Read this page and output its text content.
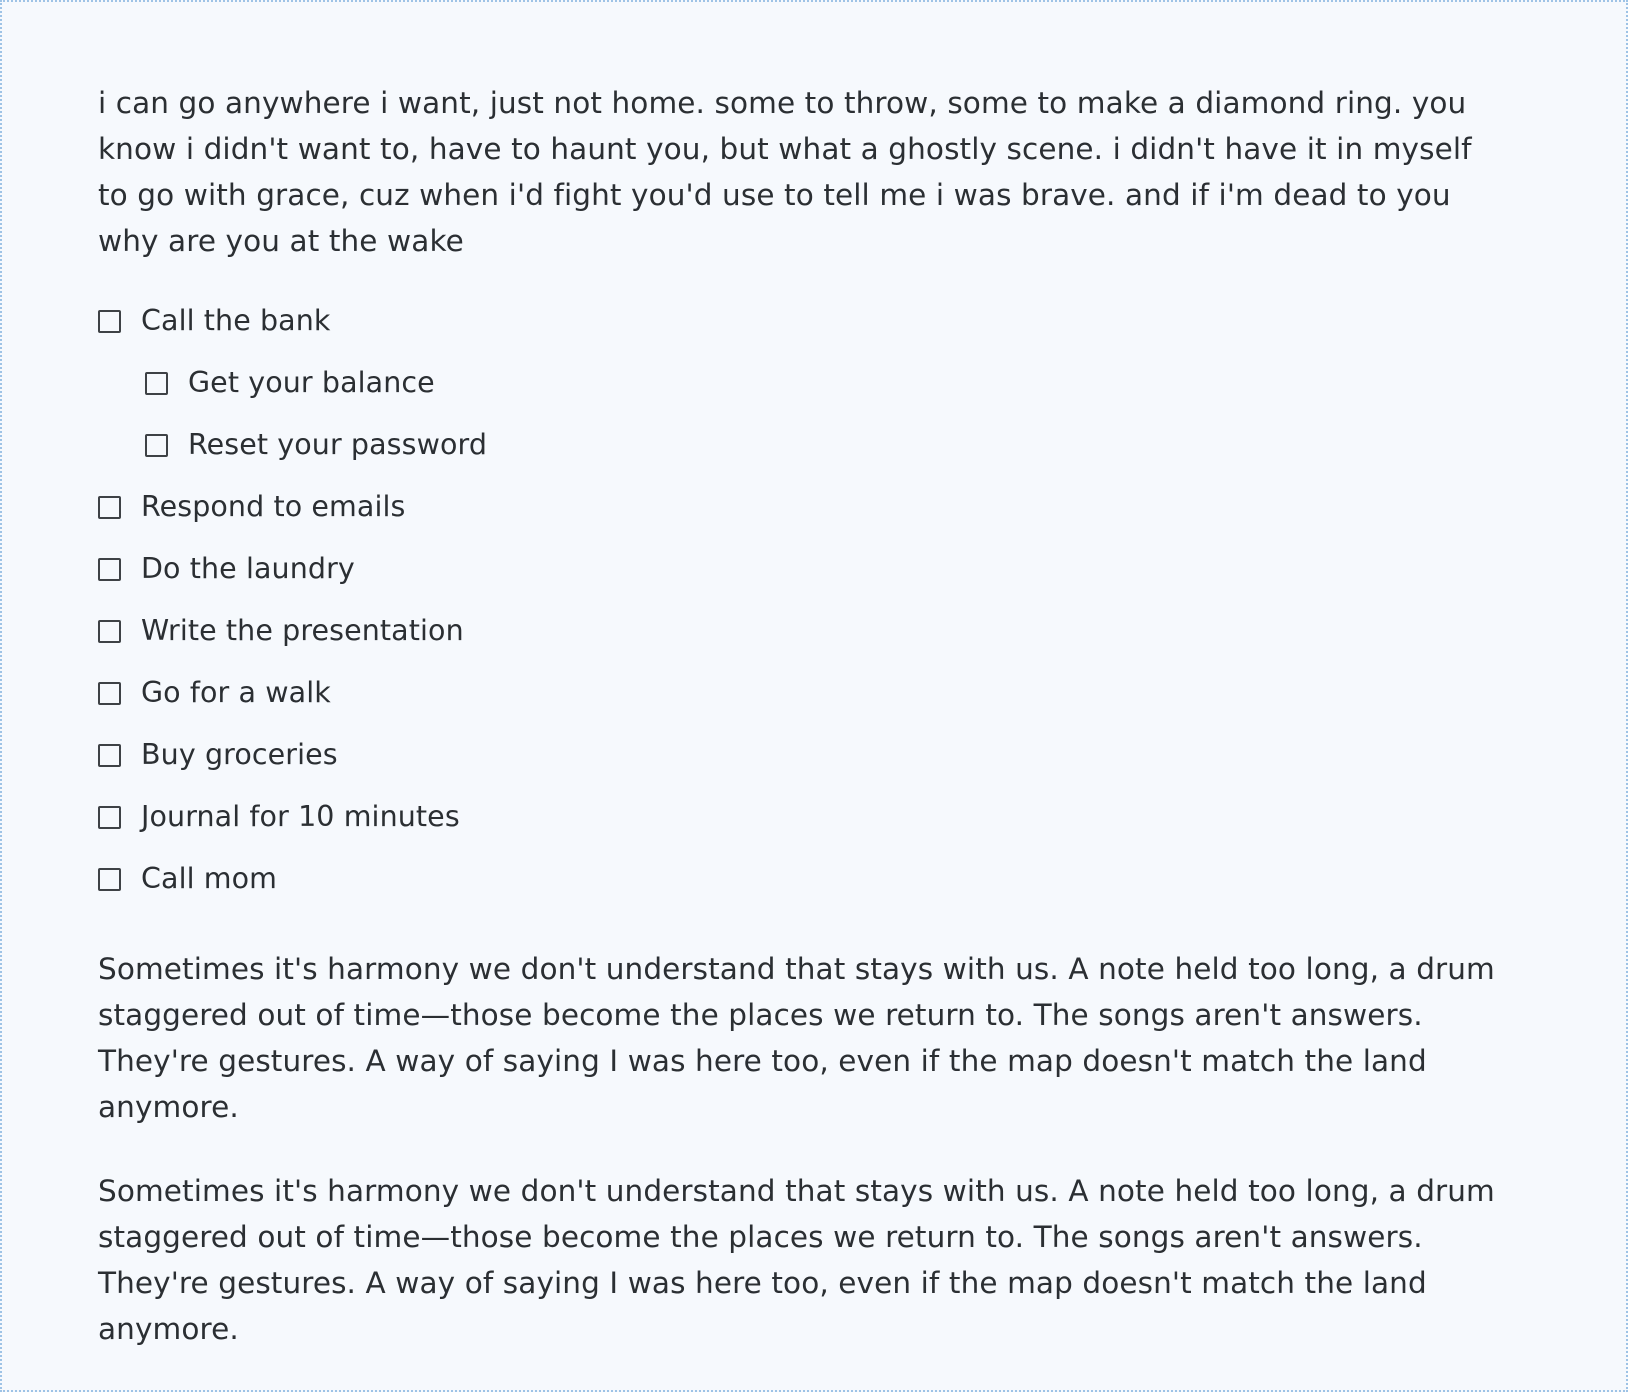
i can go anywhere i want, just not home. some to throw, some to make a diamond ring. you know i didn't want to, have to haunt you, but what a ghostly scene. i didn't have it in myself to go with grace, cuz when i'd fight you'd use to tell me i was brave. and if i'm dead to you why are you at the wake

Call the bank
Get your balance
Reset your password
Respond to emails
Do the laundry
Write the presentation
Go for a walk
Buy groceries
Journal for 10 minutes
Call mom

Sometimes it's harmony we don't understand that stays with us. A note held too long, a drum staggered out of time—those become the places we return to. The songs aren't answers. They're gestures. A way of saying I was here too, even if the map doesn't match the land anymore.

Sometimes it's harmony we don't understand that stays with us. A note held too long, a drum staggered out of time—those become the places we return to. The songs aren't answers. They're gestures. A way of saying I was here too, even if the map doesn't match the land anymore.
